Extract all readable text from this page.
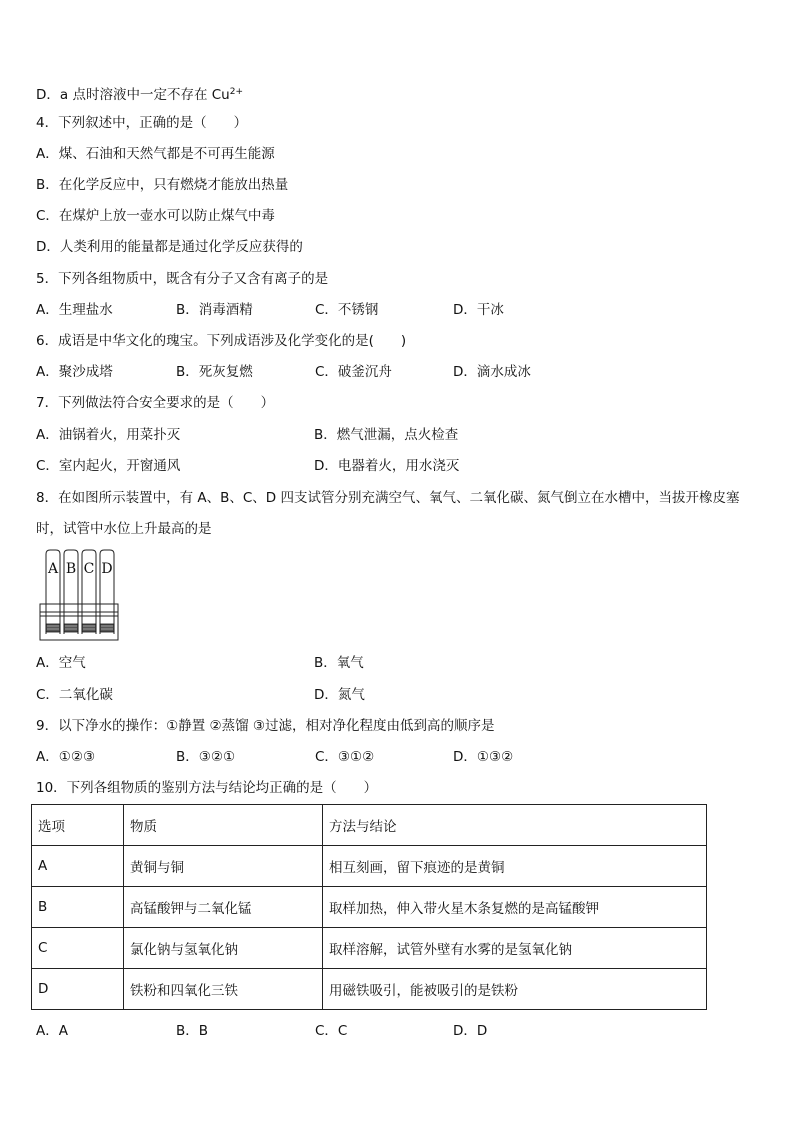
D．a 点时溶液中一定不存在 $Cu^{2+}$
4．下列叙述中，正确的是（　　）
A．煤、石油和天然气都是不可再生能源
B．在化学反应中，只有燃烧才能放出热量
C．在煤炉上放一壶水可以防止煤气中毒
D．人类利用的能量都是通过化学反应获得的
5．下列各组物质中，既含有分子又含有离子的是
A．生理盐水	B．消毒酒精	C．不锈钢	D．干冰
6．成语是中华文化的瑰宝。下列成语涉及化学变化的是(　　)
A．聚沙成塔	B．死灰复燃	C．破釜沉舟	D．滴水成冰
7．下列做法符合安全要求的是（　　）
A．油锅着火，用菜扑灭	B．燃气泄漏，点火检查
C．室内起火，开窗通风	D．电器着火，用水浇灭
8．在如图所示装置中，有 A、B、C、D 四支试管分别充满空气、氧气、二氧化碳、氮气倒立在水槽中，当拔开橡皮塞
时，试管中水位上升最高的是
A B C D
A．空气	B．氧气
C．二氧化碳	D．氮气
9．以下净水的操作：①静置 ②蒸馏 ③过滤，相对净化程度由低到高的顺序是
A．①②③	B．③②①	C．③①②	D．①③②
10．下列各组物质的鉴别方法与结论均正确的是（　　）
选项	物质	方法与结论
A	黄铜与铜	相互刻画，留下痕迹的是黄铜
B	高锰酸钾与二氧化锰	取样加热，伸入带火星木条复燃的是高锰酸钾
C	氯化钠与氢氧化钠	取样溶解，试管外壁有水雾的是氢氧化钠
D	铁粉和四氧化三铁	用磁铁吸引，能被吸引的是铁粉
A．A	B．B	C．C	D．D
